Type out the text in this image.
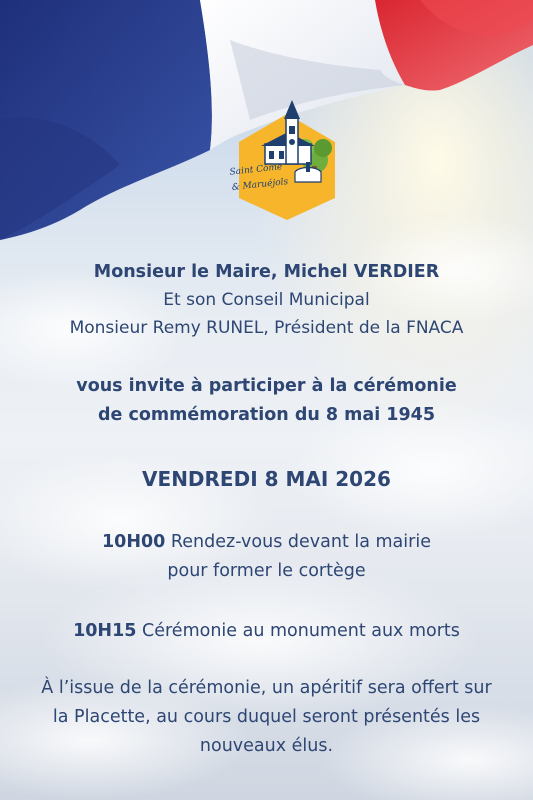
Saint Côme
& Maruéjols
Monsieur le Maire, Michel VERDIER
Et son Conseil Municipal
Monsieur Remy RUNEL, Président de la FNACA
vous invite à participer à la cérémonie
de commémoration du 8 mai 1945
VENDREDI 8 MAI 2026
10H00 Rendez-vous devant la mairie
pour former le cortège
10H15 Cérémonie au monument aux morts
À l’issue de la cérémonie, un apéritif sera offert sur
la Placette, au cours duquel seront présentés les
nouveaux élus.
